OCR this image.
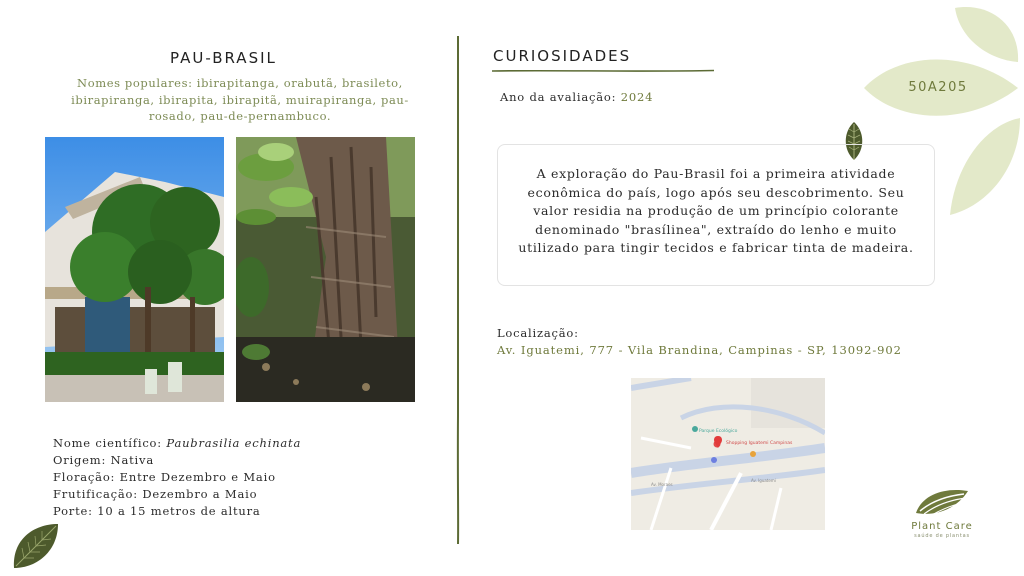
50A205
PAU-BRASIL
Nomes populares: ibirapitanga, orabutã, brasileto, ibirapiranga, ibirapita, ibirapitã, muirapiranga, pau-rosado, pau-de-pernambuco.
Nome científico: Paubrasilia echinata
Origem: Nativa
Floração: Entre Dezembro e Maio
Frutificação: Dezembro a Maio
Porte: 10 a 15 metros de altura
CURIOSIDADES
Ano da avaliação: 2024
A exploração do Pau-Brasil foi a primeira atividade econômica do país, logo após seu descobrimento. Seu valor residia na produção de um princípio colorante denominado "brasílinea", extraído do lenho e muito utilizado para tingir tecidos e fabricar tinta de madeira.
Localização:
Av. Iguatemi, 777 - Vila Brandina, Campinas - SP, 13092-902
Parque Ecológico
Shopping Iguatemi Campinas
Av. Iguatemi
Av. Moraes
Plant Care
saúde de plantas
